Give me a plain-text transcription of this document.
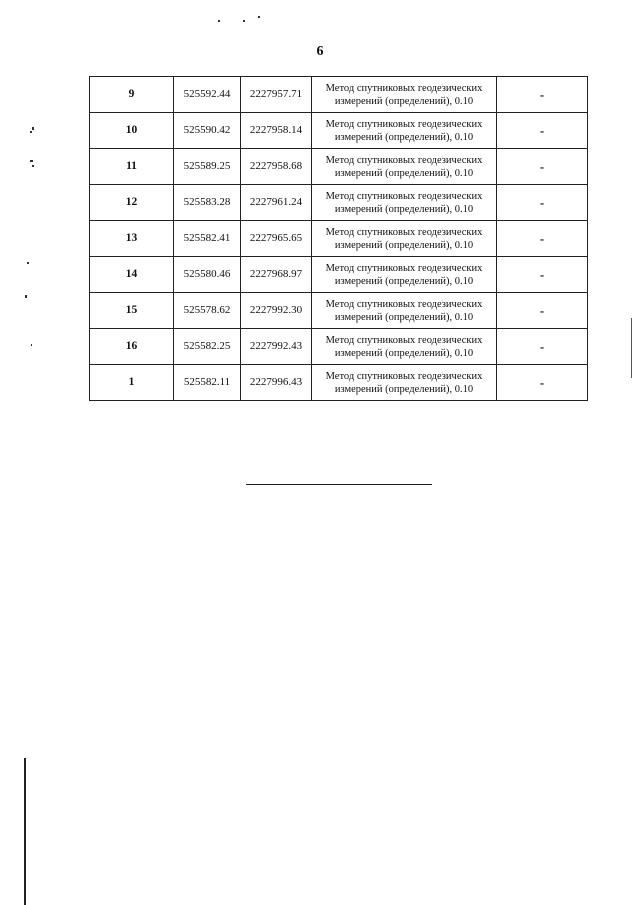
6
9	525592.44	2227957.71	Метод спутниковых геодезических
измерений (определений), 0.10	-
10	525590.42	2227958.14	Метод спутниковых геодезических
измерений (определений), 0.10	-
11	525589.25	2227958.68	Метод спутниковых геодезических
измерений (определений), 0.10	-
12	525583.28	2227961.24	Метод спутниковых геодезических
измерений (определений), 0.10	-
13	525582.41	2227965.65	Метод спутниковых геодезических
измерений (определений), 0.10	-
14	525580.46	2227968.97	Метод спутниковых геодезических
измерений (определений), 0.10	-
15	525578.62	2227992.30	Метод спутниковых геодезических
измерений (определений), 0.10	-
16	525582.25	2227992.43	Метод спутниковых геодезических
измерений (определений), 0.10	-
1	525582.11	2227996.43	Метод спутниковых геодезических
измерений (определений), 0.10	-
